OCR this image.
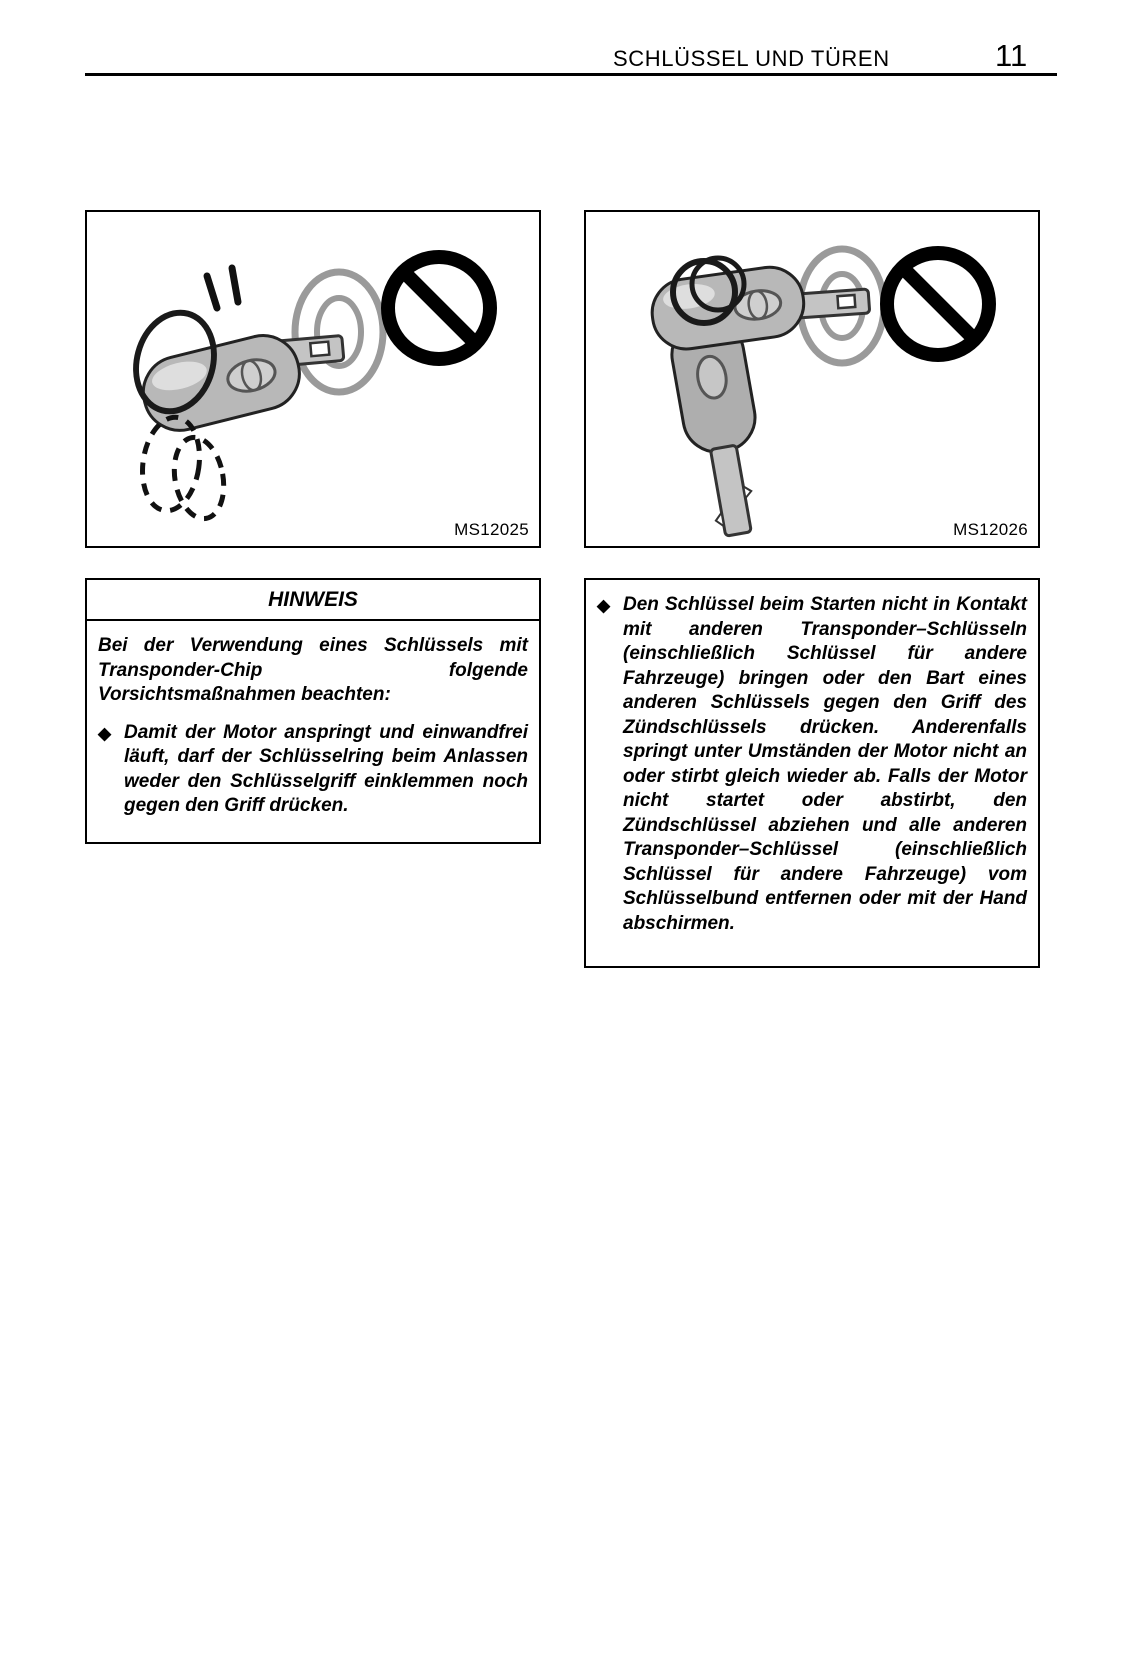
SCHLÜSSEL UND TÜREN	11
MS12025	MS12026
HINWEIS
Bei der Verwendung eines Schlüssels mit Transponder-Chip folgende Vorsichtsmaßnahmen beachten:
◆ Damit der Motor anspringt und einwandfrei läuft, darf der Schlüsselring beim Anlassen weder den Schlüsselgriff einklemmen noch gegen den Griff drücken.
◆ Den Schlüssel beim Starten nicht in Kontakt mit anderen Transponder–Schlüsseln (einschließlich Schlüssel für andere Fahrzeuge) bringen oder den Bart eines anderen Schlüssels gegen den Griff des Zündschlüssels drücken. Anderenfalls springt unter Umständen der Motor nicht an oder stirbt gleich wieder ab. Falls der Motor nicht startet oder abstirbt, den Zündschlüssel abziehen und alle anderen Transponder–Schlüssel (einschließlich Schlüssel für andere Fahrzeuge) vom Schlüsselbund entfernen oder mit der Hand abschirmen.
